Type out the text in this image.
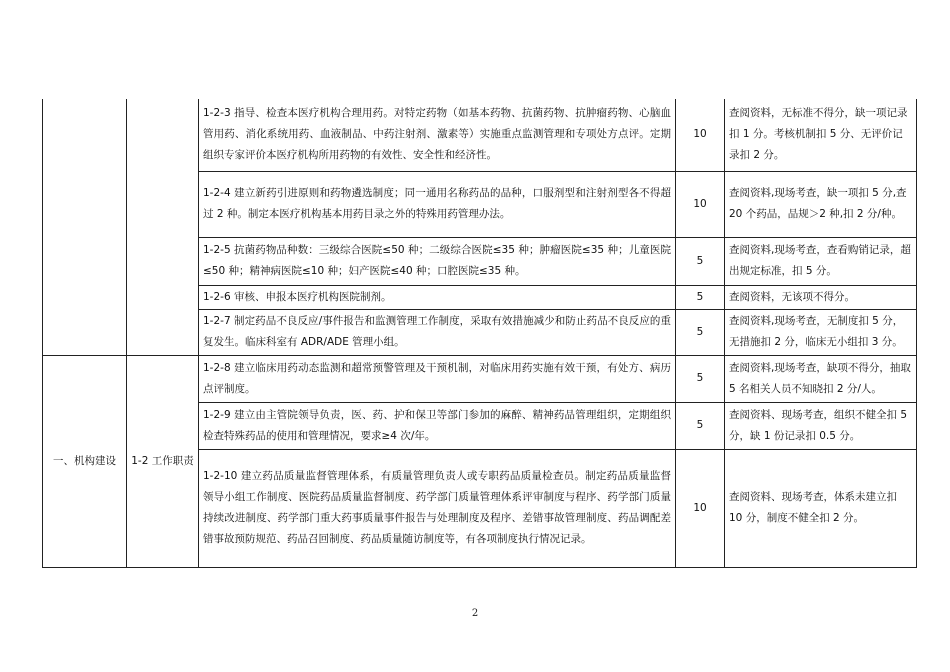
		1-2-3 指导、检查本医疗机构合理用药。对特定药物（如基本药物、抗菌药物、抗肿瘤药物、心脑血管用药、消化系统用药、血液制品、中药注射剂、激素等）实施重点监测管理和专项处方点评。定期组织专家评价本医疗机构所用药物的有效性、安全性和经济性。	10	查阅资料，无标准不得分，缺一项记录扣 1 分。考核机制扣 5 分、无评价记录扣 2 分。
		1-2-4 建立新药引进原则和药物遴选制度；同一通用名称药品的品种，口服剂型和注射剂型各不得超过 2 种。制定本医疗机构基本用药目录之外的特殊用药管理办法。	10	查阅资料,现场考查，缺一项扣 5 分,查 20 个药品，品规＞2 种,扣 2 分/种。
		1-2-5 抗菌药物品种数：三级综合医院≤50 种；二级综合医院≤35 种；肿瘤医院≤35 种；儿童医院≤50 种；精神病医院≤10 种；妇产医院≤40 种；口腔医院≤35 种。	5	查阅资料,现场考查，查看购销记录，超出规定标准，扣 5 分。
		1-2-6 审核、申报本医疗机构医院制剂。	5	查阅资料，无该项不得分。
		1-2-7 制定药品不良反应/事件报告和监测管理工作制度，采取有效措施减少和防止药品不良反应的重复发生。临床科室有 ADR/ADE 管理小组。	5	查阅资料,现场考查，无制度扣 5 分，无措施扣 2 分，临床无小组扣 3 分。
一、机构建设	1-2 工作职责	1-2-8 建立临床用药动态监测和超常预警管理及干预机制，对临床用药实施有效干预，有处方、病历点评制度。	5	查阅资料,现场考查，缺项不得分，抽取 5 名相关人员不知晓扣 2 分/人。
		1-2-9 建立由主管院领导负责，医、药、护和保卫等部门参加的麻醉、精神药品管理组织，定期组织检查特殊药品的使用和管理情况，要求≥4 次/年。	5	查阅资料、现场考查，组织不健全扣 5 分，缺 1 份记录扣 0.5 分。
		1-2-10 建立药品质量监督管理体系，有质量管理负责人或专职药品质量检查员。制定药品质量监督领导小组工作制度、医院药品质量监督制度、药学部门质量管理体系评审制度与程序、药学部门质量持续改进制度、药学部门重大药事质量事件报告与处理制度及程序、差错事故管理制度、药品调配差错事故预防规范、药品召回制度、药品质量随访制度等，有各项制度执行情况记录。	10	查阅资料、现场考查，体系未建立扣 10 分，制度不健全扣 2 分。
2
